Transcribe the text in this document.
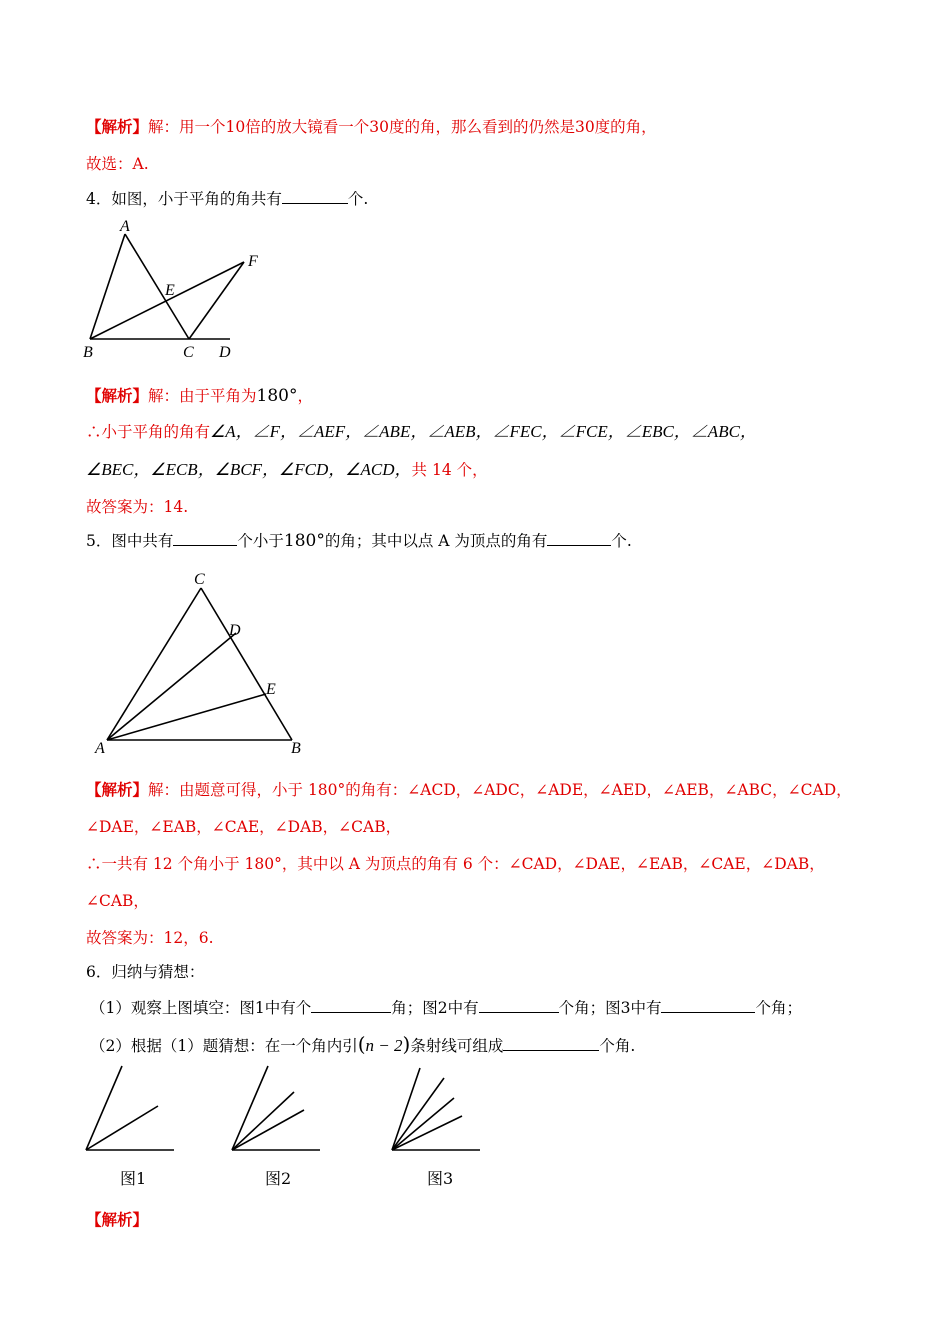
【解析】解：用一个10倍的放大镜看一个30度的角，那么看到的仍然是30度的角，
故选：A.
4．如图，小于平角的角共有	个.
A
B	C D
E
F
【解析】解：由于平角为180°，
∴小于平角的角有∠A，∠F，∠AEF，∠ABE，∠AEB，∠FEC，∠FCE，∠EBC，∠ABC，
∠BEC，∠ECB，∠BCF，∠FCD，∠ACD，共 14 个，
故答案为：14.
5．图中共有	个小于180°的角；其中以点 A 为顶点的角有	个.
A	B
C
D
E
【解析】解：由题意可得，小于 180°的角有：∠ACD，∠ADC，∠ADE，∠AED，∠AEB，∠ABC，∠CAD，
∠DAE，∠EAB，∠CAE，∠DAB，∠CAB，
∴一共有 12 个角小于 180°，其中以 A 为顶点的角有 6 个：∠CAD，∠DAE，∠EAB，∠CAE，∠DAB，
∠CAB，
故答案为：12，6.
6．归纳与猜想：
（1）观察上图填空：图1中有个	角；图2中有	个角；图3中有	个角；
（2）根据（1）题猜想：在一个角内引(n − 2)条射线可组成	个角.
图1	图2	图3
【解析】
